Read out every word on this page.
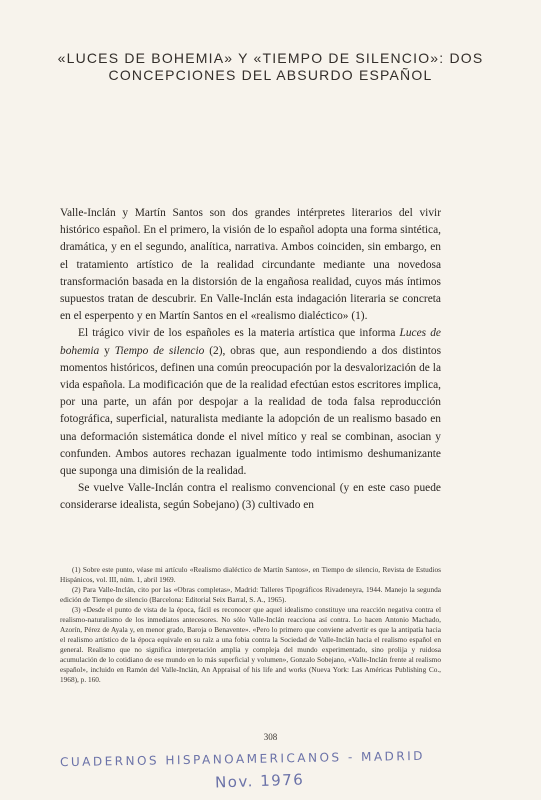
«LUCES DE BOHEMIA» Y «TIEMPO DE SILENCIO»: DOS
CONCEPCIONES DEL ABSURDO ESPAÑOL

Valle-Inclán y Martín Santos son dos grandes intérpretes literarios del vivir histórico español. En el primero, la visión de lo español adopta una forma sintética, dramática, y en el segundo, analítica, narrativa. Ambos coinciden, sin embargo, en el tratamiento artístico de la realidad circundante mediante una novedosa transformación basada en la distorsión de la engañosa realidad, cuyos más íntimos supuestos tratan de descubrir. En Valle-Inclán esta indagación literaria se concreta en el esperpento y en Martín Santos en el «realismo dialéctico» (1).

El trágico vivir de los españoles es la materia artística que informa Luces de bohemia y Tiempo de silencio (2), obras que, aun respondiendo a dos distintos momentos históricos, definen una común preocupación por la desvalorización de la vida española. La modificación que de la realidad efectúan estos escritores implica, por una parte, un afán por despojar a la realidad de toda falsa reproducción fotográfica, superficial, naturalista mediante la adopción de un realismo basado en una deformación sistemática donde el nivel mítico y real se combinan, asocian y confunden. Ambos autores rechazan igualmente todo intimismo deshumanizante que suponga una dimisión de la realidad.

Se vuelve Valle-Inclán contra el realismo convencional (y en este caso puede considerarse idealista, según Sobejano) (3) cultivado en

(1) Sobre este punto, véase mi artículo «Realismo dialéctico de Martín Santos», en Tiempo de silencio, Revista de Estudios Hispánicos, vol. III, núm. 1, abril 1969.

(2) Para Valle-Inclán, cito por las «Obras completas», Madrid: Talleres Tipográficos Rivadeneyra, 1944. Manejo la segunda edición de Tiempo de silencio (Barcelona: Editorial Seix Barral, S. A., 1965).

(3) «Desde el punto de vista de la época, fácil es reconocer que aquel idealismo constituye una reacción negativa contra el realismo-naturalismo de los inmediatos antecesores. No sólo Valle-Inclán reacciona así contra. Lo hacen Antonio Machado, Azorín, Pérez de Ayala y, en menor grado, Baroja o Benavente». «Pero lo primero que conviene advertir es que la antipatía hacia el realismo artístico de la época equivale en su raíz a una fobia contra la Sociedad de Valle-Inclán hacia el realismo español en general. Realismo que no significa interpretación amplia y compleja del mundo experimentado, sino prolija y ruidosa acumulación de lo cotidiano de ese mundo en lo más superficial y volumen», Gonzalo Sobejano, «Valle-Inclán frente al realismo español», incluido en Ramón del Valle-Inclán, An Appraisal of his life and works (Nueva York: Las Américas Publishing Co., 1968), p. 160.

308
CUADERNOS HISPANOAMERICANOS - MADRID
Nov. 1976
